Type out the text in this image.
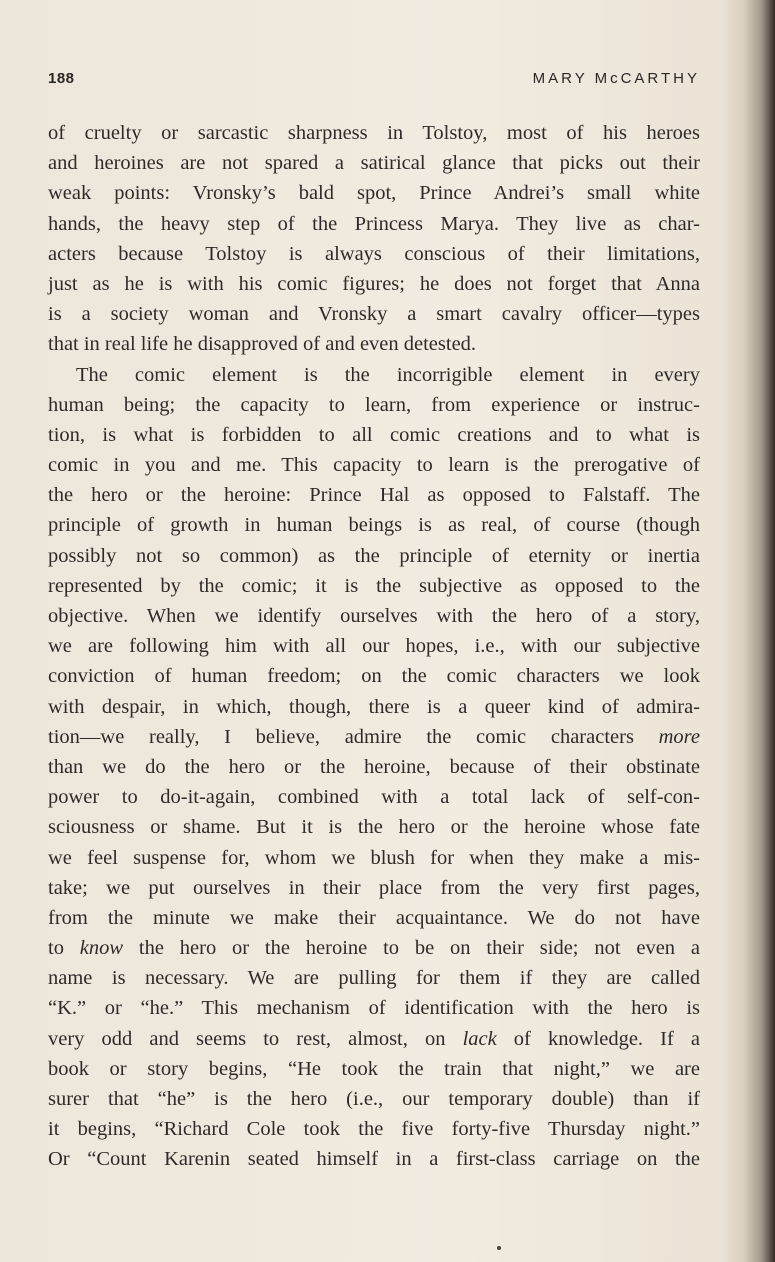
188	MARY McCARTHY
of cruelty or sarcastic sharpness in Tolstoy, most of his heroes
and heroines are not spared a satirical glance that picks out their
weak points: Vronsky’s bald spot, Prince Andrei’s small white
hands, the heavy step of the Princess Marya. They live as char-
acters because Tolstoy is always conscious of their limitations,
just as he is with his comic figures; he does not forget that Anna
is a society woman and Vronsky a smart cavalry officer—types
that in real life he disapproved of and even detested.
The comic element is the incorrigible element in every
human being; the capacity to learn, from experience or instruc-
tion, is what is forbidden to all comic creations and to what is
comic in you and me. This capacity to learn is the prerogative of
the hero or the heroine: Prince Hal as opposed to Falstaff. The
principle of growth in human beings is as real, of course (though
possibly not so common) as the principle of eternity or inertia
represented by the comic; it is the subjective as opposed to the
objective. When we identify ourselves with the hero of a story,
we are following him with all our hopes, i.e., with our subjective
conviction of human freedom; on the comic characters we look
with despair, in which, though, there is a queer kind of admira-
tion—we really, I believe, admire the comic characters more
than we do the hero or the heroine, because of their obstinate
power to do-it-again, combined with a total lack of self-con-
sciousness or shame. But it is the hero or the heroine whose fate
we feel suspense for, whom we blush for when they make a mis-
take; we put ourselves in their place from the very first pages,
from the minute we make their acquaintance. We do not have
to know the hero or the heroine to be on their side; not even a
name is necessary. We are pulling for them if they are called
“K.” or “he.” This mechanism of identification with the hero is
very odd and seems to rest, almost, on lack of knowledge. If a
book or story begins, “He took the train that night,” we are
surer that “he” is the hero (i.e., our temporary double) than if
it begins, “Richard Cole took the five forty-five Thursday night.”
Or “Count Karenin seated himself in a first-class carriage on the
